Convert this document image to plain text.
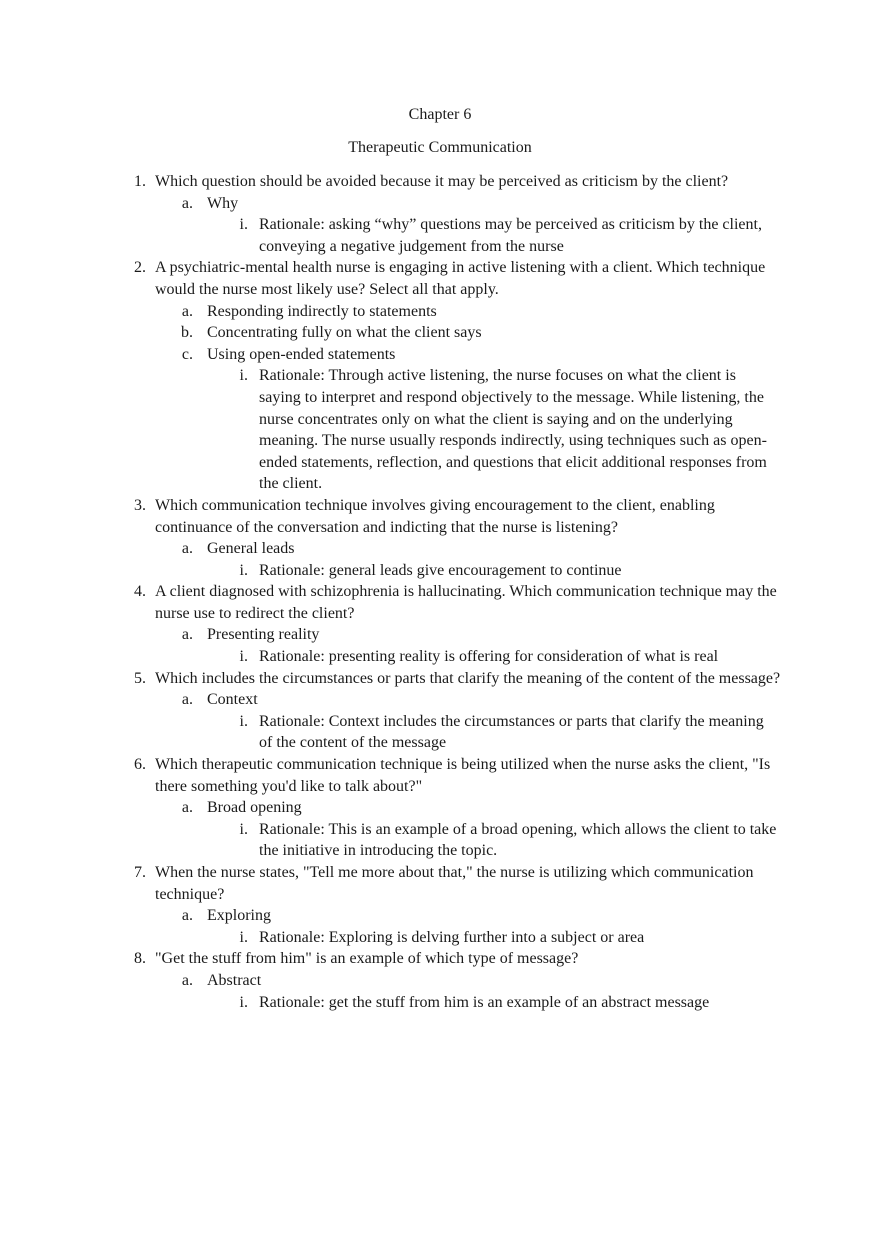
Chapter 6
Therapeutic Communication
1. Which question should be avoided because it may be perceived as criticism by the client?
a. Why
i. Rationale: asking “why” questions may be perceived as criticism by the client, conveying a negative judgement from the nurse
2. A psychiatric-mental health nurse is engaging in active listening with a client. Which technique would the nurse most likely use? Select all that apply.
a. Responding indirectly to statements
b. Concentrating fully on what the client says
c. Using open-ended statements
i. Rationale: Through active listening, the nurse focuses on what the client is saying to interpret and respond objectively to the message. While listening, the nurse concentrates only on what the client is saying and on the underlying meaning. The nurse usually responds indirectly, using techniques such as open-ended statements, reflection, and questions that elicit additional responses from the client.
3. Which communication technique involves giving encouragement to the client, enabling continuance of the conversation and indicting that the nurse is listening?
a. General leads
i. Rationale: general leads give encouragement to continue
4. A client diagnosed with schizophrenia is hallucinating. Which communication technique may the nurse use to redirect the client?
a. Presenting reality
i. Rationale: presenting reality is offering for consideration of what is real
5. Which includes the circumstances or parts that clarify the meaning of the content of the message?
a. Context
i. Rationale: Context includes the circumstances or parts that clarify the meaning of the content of the message
6. Which therapeutic communication technique is being utilized when the nurse asks the client, "Is there something you'd like to talk about?"
a. Broad opening
i. Rationale: This is an example of a broad opening, which allows the client to take the initiative in introducing the topic.
7. When the nurse states, "Tell me more about that," the nurse is utilizing which communication technique?
a. Exploring
i. Rationale: Exploring is delving further into a subject or area
8. "Get the stuff from him" is an example of which type of message?
a. Abstract
i. Rationale: get the stuff from him is an example of an abstract message
